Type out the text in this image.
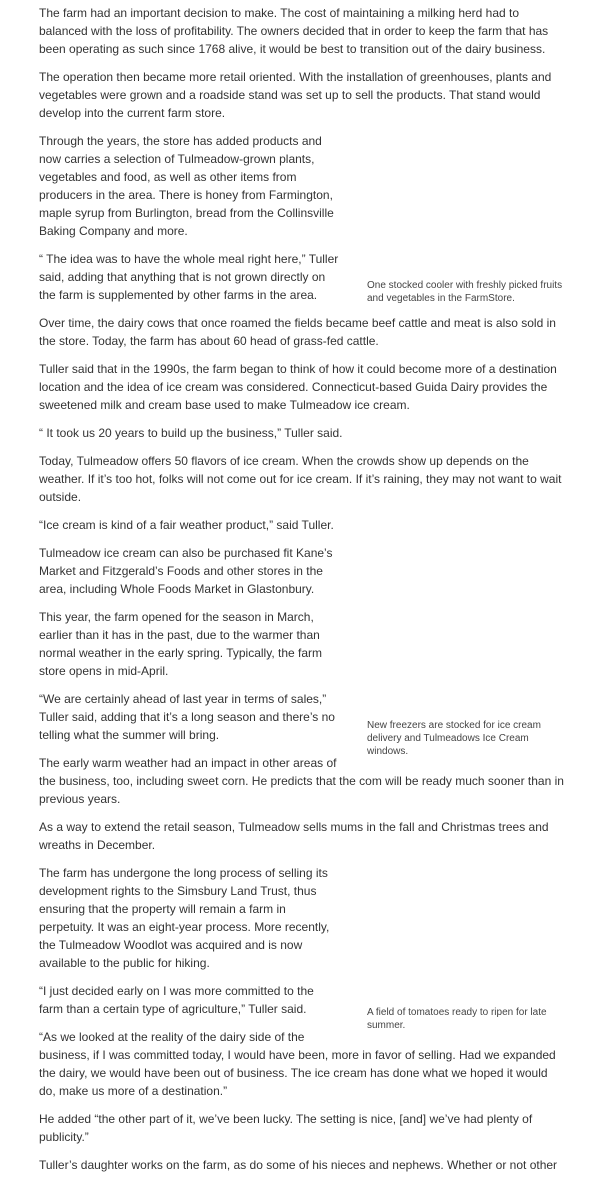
The farm had an important decision to make. The cost of maintaining a milking herd had to balanced with the loss of profitability. The owners decided that in order to keep the farm that has been operating as such since 1768 alive, it would be best to transition out of the dairy business.

The operation then became more retail oriented. With the installation of greenhouses, plants and vegetables were grown and a roadside stand was set up to sell the products. That stand would develop into the current farm store.

One stocked cooler with freshly picked fruits and vegetables in the FarmStore.

Through the years, the store has added products and now carries a selection of Tulmeadow-grown plants, vegetables and food, as well as other items from producers in the area. There is honey from Farmington, maple syrup from Burlington, bread from the Collinsville Baking Company and more.

“ The idea was to have the whole meal right here,” Tuller said, adding that anything that is not grown directly on the farm is supplemented by other farms in the area.

Over time, the dairy cows that once roamed the fields became beef cattle and meat is also sold in the store. Today, the farm has about 60 head of grass-fed cattle.

Tuller said that in the 1990s, the farm began to think of how it could become more of a destination location and the idea of ice cream was considered. Connecticut-based Guida Dairy provides the sweetened milk and cream base used to make Tulmeadow ice cream.

“ It took us 20 years to build up the business,” Tuller said.

Today, Tulmeadow offers 50 flavors of ice cream. When the crowds show up depends on the weather. If it’s too hot, folks will not come out for ice cream. If it’s raining, they may not want to wait outside.

“Ice cream is kind of a fair weather product,” said Tuller.

New freezers are stocked for ice cream delivery and Tulmeadows Ice Cream windows.

Tulmeadow ice cream can also be purchased fit Kane’s Market and Fitzgerald’s Foods and other stores in the area, including Whole Foods Market in Glastonbury.

This year, the farm opened for the season in March, earlier than it has in the past, due to the warmer than normal weather in the early spring. Typically, the farm store opens in mid-April.

“We are certainly ahead of last year in terms of sales,” Tuller said, adding that it’s a long season and there’s no telling what the summer will bring.

The early warm weather had an impact in other areas of the business, too, including sweet corn. He predicts that the com will be ready much sooner than in previous years.

As a way to extend the retail season, Tulmeadow sells mums in the fall and Christmas trees and wreaths in December.

A field of tomatoes ready to ripen for late summer.

The farm has undergone the long process of selling its development rights to the Simsbury Land Trust, thus ensuring that the property will remain a farm in perpetuity. It was an eight-year process. More recently, the Tulmeadow Woodlot was acquired and is now available to the public for hiking.

“I just decided early on I was more committed to the farm than a certain type of agriculture,” Tuller said.

“As we looked at the reality of the dairy side of the business, if I was committed today, I would have been, more in favor of selling. Had we expanded the dairy, we would have been out of business. The ice cream has done what we hoped it would do, make us more of a destination.”

He added “the other part of it, we’ve been lucky. The setting is nice, [and] we’ve had plenty of publicity.”

Tuller’s daughter works on the farm, as do some of his nieces and nephews. Whether or not other
